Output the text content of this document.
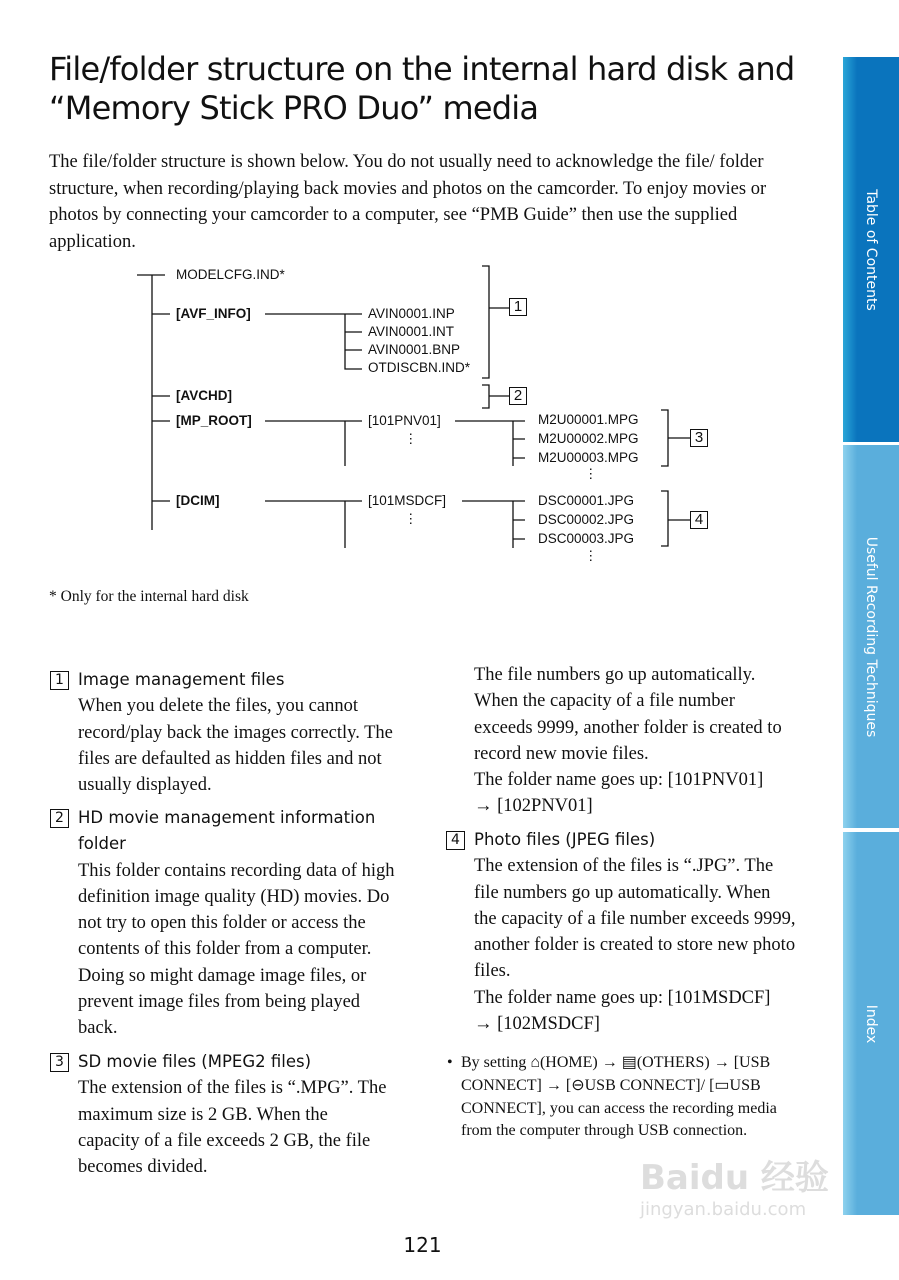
File/folder structure on the internal hard disk and
“Memory Stick PRO Duo” media

The file/folder structure is shown below. You do not usually need to acknowledge the file/ folder structure, when recording/playing back movies and photos on the camcorder. To enjoy movies or photos by connecting your camcorder to a computer, see “PMB Guide” then use the supplied application.

MODELCFG.IND*
[AVF_INFO]
[AVCHD]
[MP_ROOT]
[DCIM]
AVIN0001.INP
AVIN0001.INT
AVIN0001.BNP
OTDISCBN.IND*
[101PNV01]
⋮
M2U00001.MPG
M2U00002.MPG
M2U00003.MPG
⋮
[101MSDCF]
⋮
DSC00001.JPG
DSC00002.JPG
DSC00003.JPG
⋮
1
2
3
4
* Only for the internal hard disk
1 Image management files
When you delete the files, you cannot record/play back the images correctly. The files are defaulted as hidden files and not usually displayed.
2 HD movie management information folder
This folder contains recording data of high definition image quality (HD) movies. Do not try to open this folder or access the contents of this folder from a computer. Doing so might damage image files, or prevent image files from being played back.
3 SD movie files (MPEG2 files)
The extension of the files is “.MPG”. The maximum size is 2 GB. When the capacity of a file exceeds 2 GB, the file becomes divided.
The file numbers go up automatically. When the capacity of a file number exceeds 9999, another folder is created to record new movie files.
The folder name goes up: [101PNV01]
→ [102PNV01]
4 Photo files (JPEG files)
The extension of the files is “.JPG”. The file numbers go up automatically. When the capacity of a file number exceeds 9999, another folder is created to store new photo files.
The folder name goes up: [101MSDCF]
→ [102MSDCF]
• By setting ⌂(HOME) → ▤(OTHERS) → [USB CONNECT] → [⊖USB CONNECT]/ [▭USB CONNECT], you can access the recording media from the computer through USB connection.
Table of Contents
Useful Recording Techniques
Index
Baidu 经验
jingyan.baidu.com
121
